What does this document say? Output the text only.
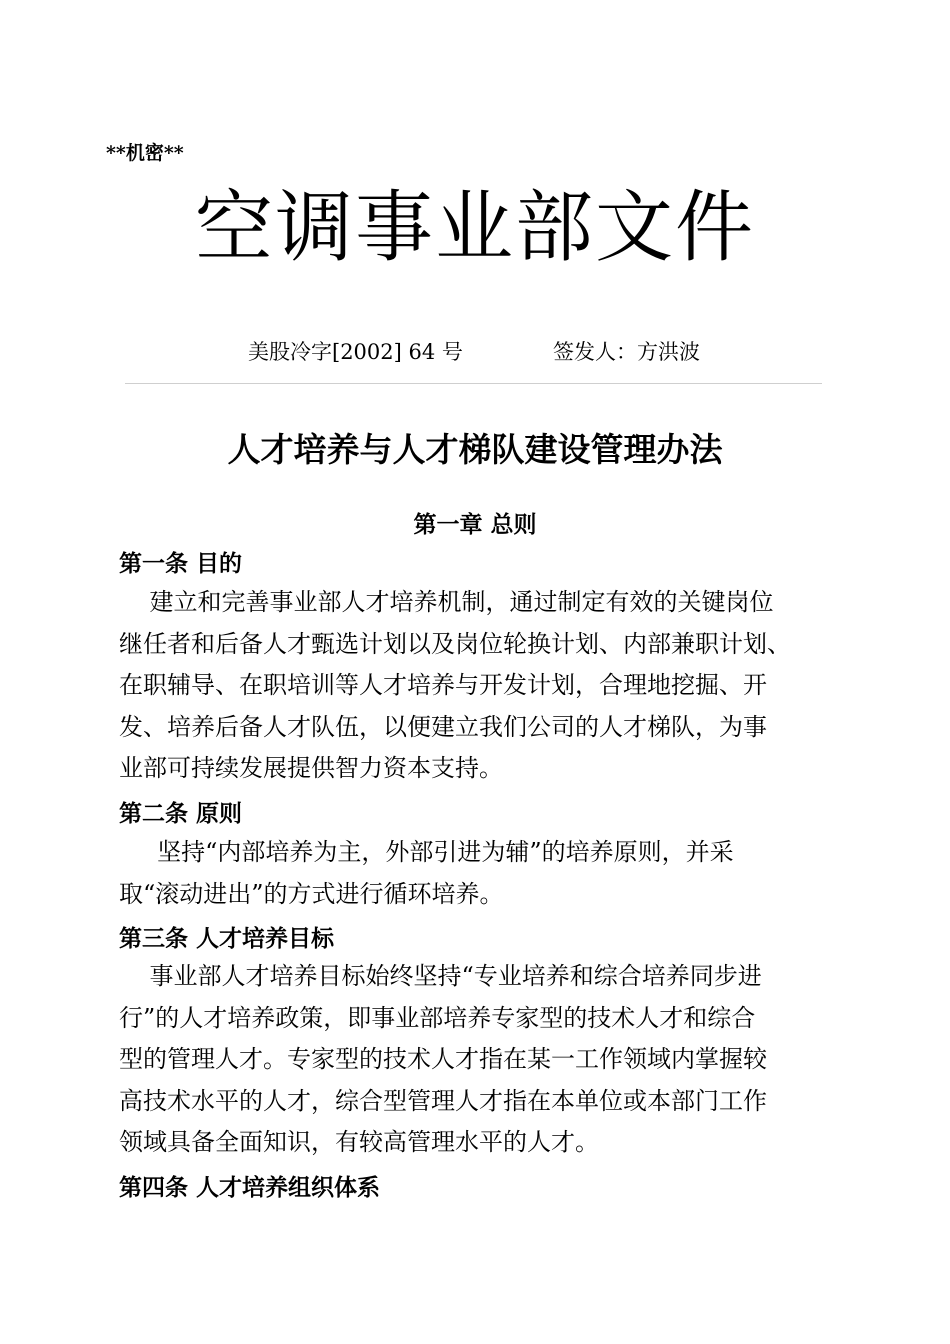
**机密**
空调事业部文件
美股冷字[2002] 64 号	签发人：方洪波
人才培养与人才梯队建设管理办法
第一章 总则
第一条 目的
建立和完善事业部人才培养机制，通过制定有效的关键岗位
继任者和后备人才甄选计划以及岗位轮换计划、内部兼职计划、
在职辅导、在职培训等人才培养与开发计划，合理地挖掘、开
发、培养后备人才队伍，以便建立我们公司的人才梯队，为事
业部可持续发展提供智力资本支持。
第二条 原则
坚持“内部培养为主，外部引进为辅”的培养原则，并采
取“滚动进出”的方式进行循环培养。
第三条 人才培养目标
事业部人才培养目标始终坚持“专业培养和综合培养同步进
行”的人才培养政策，即事业部培养专家型的技术人才和综合
型的管理人才。专家型的技术人才指在某一工作领域内掌握较
高技术水平的人才，综合型管理人才指在本单位或本部门工作
领域具备全面知识，有较高管理水平的人才。
第四条 人才培养组织体系
